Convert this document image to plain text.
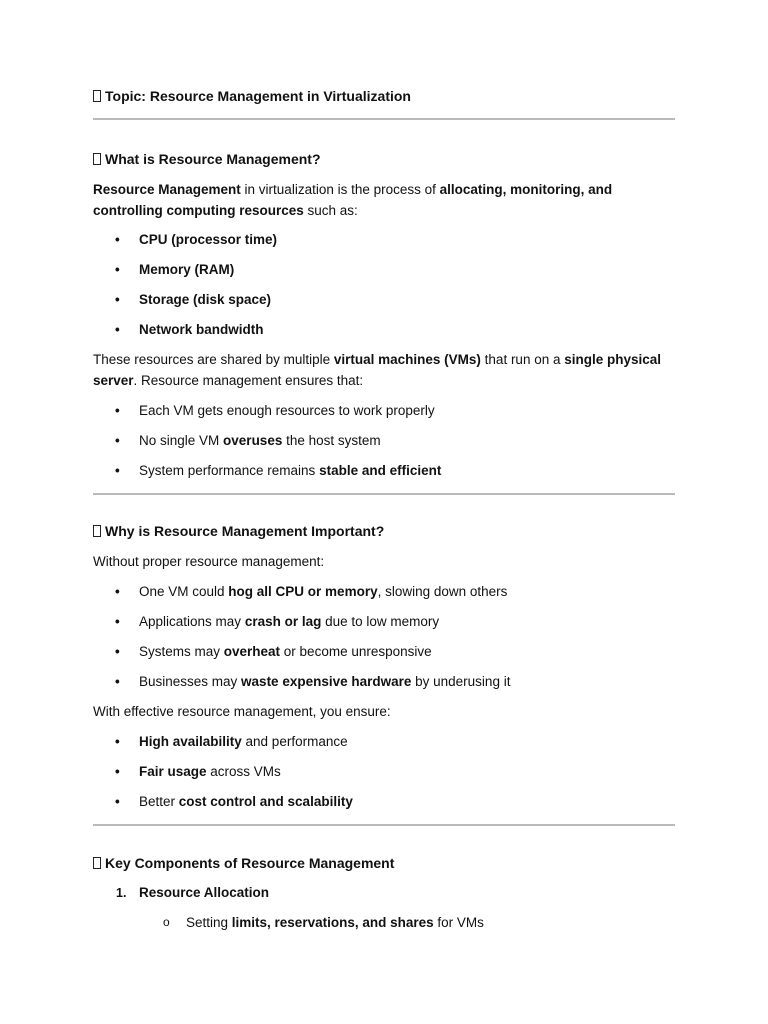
Topic: Resource Management in Virtualization
What is Resource Management?

Resource Management in virtualization is the process of allocating, monitoring, and controlling computing resources such as:

• CPU (processor time)
• Memory (RAM)
• Storage (disk space)
• Network bandwidth

These resources are shared by multiple virtual machines (VMs) that run on a single physical server. Resource management ensures that:

• Each VM gets enough resources to work properly
• No single VM overuses the host system
• System performance remains stable and efficient
Why is Resource Management Important?

Without proper resource management:

• One VM could hog all CPU or memory, slowing down others
• Applications may crash or lag due to low memory
• Systems may overheat or become unresponsive
• Businesses may waste expensive hardware by underusing it

With effective resource management, you ensure:

• High availability and performance
• Fair usage across VMs
• Better cost control and scalability
Key Components of Resource Management
1. Resource Allocation
o Setting limits, reservations, and shares for VMs
